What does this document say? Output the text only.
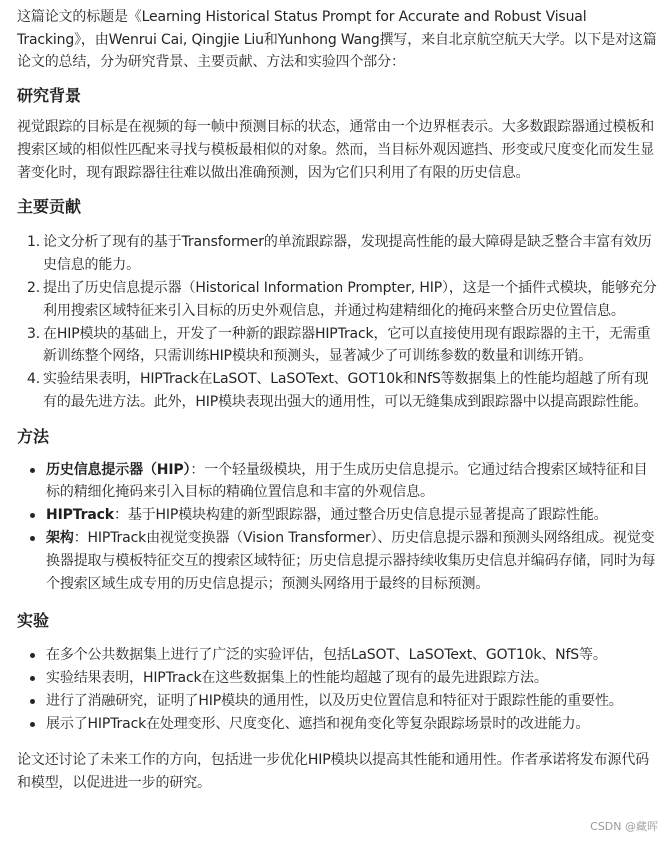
这篇论文的标题是《Learning Historical Status Prompt for Accurate and Robust Visual Tracking》，由Wenrui Cai, Qingjie Liu和Yunhong Wang撰写，来自北京航空航天大学。以下是对这篇论文的总结，分为研究背景、主要贡献、方法和实验四个部分：

研究背景

视觉跟踪的目标是在视频的每一帧中预测目标的状态，通常由一个边界框表示。大多数跟踪器通过模板和搜索区域的相似性匹配来寻找与模板最相似的对象。然而，当目标外观因遮挡、形变或尺度变化而发生显著变化时，现有跟踪器往往难以做出准确预测，因为它们只利用了有限的历史信息。

主要贡献
1. 论文分析了现有的基于Transformer的单流跟踪器，发现提高性能的最大障碍是缺乏整合丰富有效历史信息的能力。
2. 提出了历史信息提示器（Historical Information Prompter, HIP），这是一个插件式模块，能够充分利用搜索区域特征来引入目标的历史外观信息，并通过构建精细化的掩码来整合历史位置信息。
3. 在HIP模块的基础上，开发了一种新的跟踪器HIPTrack，它可以直接使用现有跟踪器的主干，无需重新训练整个网络，只需训练HIP模块和预测头，显著减少了可训练参数的数量和训练开销。
4. 实验结果表明，HIPTrack在LaSOT、LaSOText、GOT10k和NfS等数据集上的性能均超越了所有现有的最先进方法。此外，HIP模块表现出强大的通用性，可以无缝集成到跟踪器中以提高跟踪性能。
方法
历史信息提示器（HIP）：一个轻量级模块，用于生成历史信息提示。它通过结合搜索区域特征和目标的精细化掩码来引入目标的精确位置信息和丰富的外观信息。
HIPTrack：基于HIP模块构建的新型跟踪器，通过整合历史信息提示显著提高了跟踪性能。
架构：HIPTrack由视觉变换器（Vision Transformer）、历史信息提示器和预测头网络组成。视觉变换器提取与模板特征交互的搜索区域特征；历史信息提示器持续收集历史信息并编码存储，同时为每个搜索区域生成专用的历史信息提示；预测头网络用于最终的目标预测。
实验
在多个公共数据集上进行了广泛的实验评估，包括LaSOT、LaSOText、GOT10k、NfS等。
实验结果表明，HIPTrack在这些数据集上的性能均超越了现有的最先进跟踪方法。
进行了消融研究，证明了HIP模块的通用性，以及历史位置信息和特征对于跟踪性能的重要性。
展示了HIPTrack在处理变形、尺度变化、遮挡和视角变化等复杂跟踪场景时的改进能力。

论文还讨论了未来工作的方向，包括进一步优化HIP模块以提高其性能和通用性。作者承诺将发布源代码和模型，以促进进一步的研究。

CSDN @藏晖
